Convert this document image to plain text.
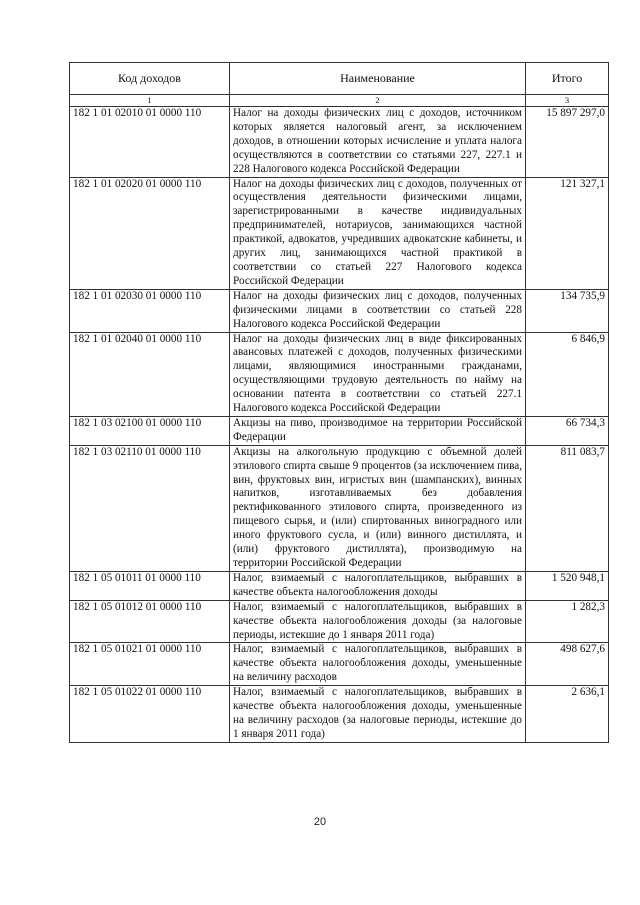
Код доходов	Наименование	Итого
1	2	3
182 1 01 02010 01 0000 110	Налог на доходы физических лиц с доходов, источником которых является налоговый агент, за исключением доходов, в отношении которых исчисление и уплата налога осуществляются в соответствии со статьями 227, 227.1 и 228 Налогового кодекса Российской Федерации	15 897 297,0
182 1 01 02020 01 0000 110	Налог на доходы физических лиц с доходов, полученных от осуществления деятельности физическими лицами, зарегистрированными в качестве индивидуальных предпринимателей, нотариусов, занимающихся частной практикой, адвокатов, учредивших адвокатские кабинеты, и других лиц, занимающихся частной практикой в соответствии со статьей 227 Налогового кодекса Российской Федерации	121 327,1
182 1 01 02030 01 0000 110	Налог на доходы физических лиц с доходов, полученных физическими лицами в соответствии со статьей 228 Налогового кодекса Российской Федерации	134 735,9
182 1 01 02040 01 0000 110	Налог на доходы физических лиц в виде фиксированных авансовых платежей с доходов, полученных физическими лицами, являющимися иностранными гражданами, осуществляющими трудовую деятельность по найму на основании патента в соответствии со статьей 227.1 Налогового кодекса Российской Федерации	6 846,9
182 1 03 02100 01 0000 110	Акцизы на пиво, производимое на территории Российской Федерации	66 734,3
182 1 03 02110 01 0000 110	Акцизы на алкогольную продукцию с объемной долей этилового спирта свыше 9 процентов (за исключением пива, вин, фруктовых вин, игристых вин (шампанских), винных напитков, изготавливаемых без добавления ректификованного этилового спирта, произведенного из пищевого сырья, и (или) спиртованных виноградного или иного фруктового сусла, и (или) винного дистиллята, и (или) фруктового дистиллята), производимую на территории Российской Федерации	811 083,7
182 1 05 01011 01 0000 110	Налог, взимаемый с налогоплательщиков, выбравших в качестве объекта налогообложения доходы	1 520 948,1
182 1 05 01012 01 0000 110	Налог, взимаемый с налогоплательщиков, выбравших в качестве объекта налогообложения доходы (за налоговые периоды, истекшие до 1 января 2011 года)	1 282,3
182 1 05 01021 01 0000 110	Налог, взимаемый с налогоплательщиков, выбравших в качестве объекта налогообложения доходы, уменьшенные на величину расходов	498 627,6
182 1 05 01022 01 0000 110	Налог, взимаемый с налогоплательщиков, выбравших в качестве объекта налогообложения доходы, уменьшенные на величину расходов (за налоговые периоды, истекшие до 1 января 2011 года)	2 636,1
20
